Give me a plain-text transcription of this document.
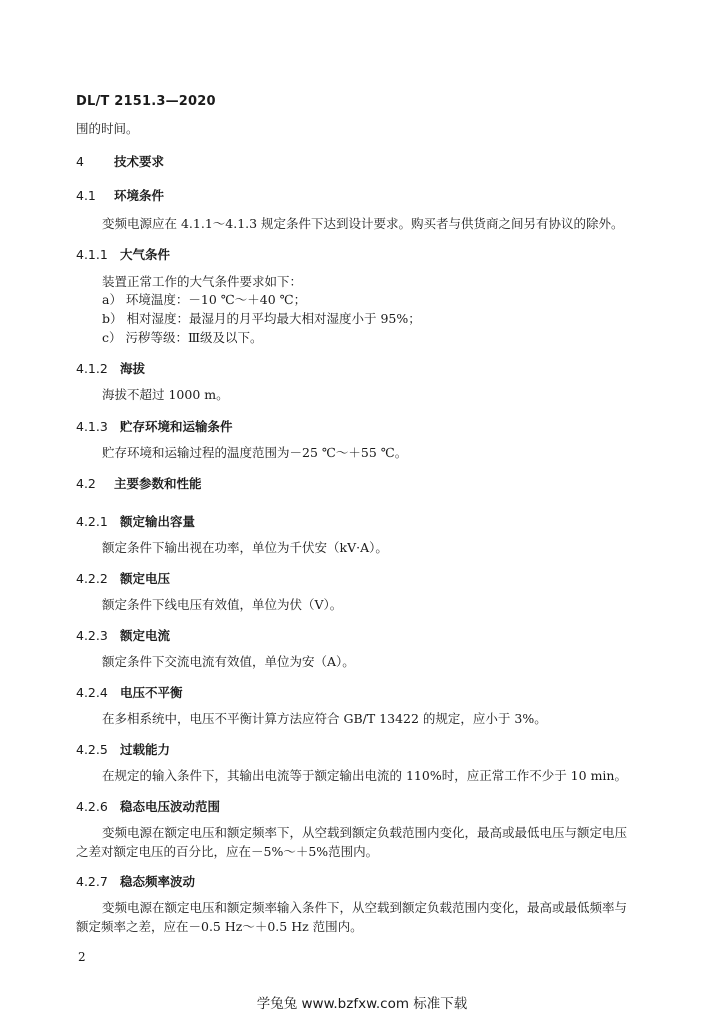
DL/T 2151.3—2020
围的时间。
4 技术要求
4.1 环境条件
变频电源应在 4.1.1～4.1.3 规定条件下达到设计要求。购买者与供货商之间另有协议的除外。
4.1.1 大气条件
装置正常工作的大气条件要求如下：
a） 环境温度：－10 ℃～＋40 ℃；
b） 相对湿度：最湿月的月平均最大相对湿度小于 95%；
c） 污秽等级：Ⅲ级及以下。
4.1.2 海拔
海拔不超过 1000 m。
4.1.3 贮存环境和运输条件
贮存环境和运输过程的温度范围为－25 ℃～＋55 ℃。
4.2 主要参数和性能
4.2.1 额定输出容量
额定条件下输出视在功率，单位为千伏安（kV·A）。
4.2.2 额定电压
额定条件下线电压有效值，单位为伏（V）。
4.2.3 额定电流
额定条件下交流电流有效值，单位为安（A）。
4.2.4 电压不平衡
在多相系统中，电压不平衡计算方法应符合 GB/T 13422 的规定，应小于 3%。
4.2.5 过载能力
在规定的输入条件下，其输出电流等于额定输出电流的 110%时，应正常工作不少于 10 min。
4.2.6 稳态电压波动范围
变频电源在额定电压和额定频率下，从空载到额定负载范围内变化，最高或最低电压与额定电压
之差对额定电压的百分比，应在－5%～＋5%范围内。
4.2.7 稳态频率波动
变频电源在额定电压和额定频率输入条件下，从空载到额定负载范围内变化，最高或最低频率与
额定频率之差，应在－0.5 Hz～＋0.5 Hz 范围内。
2
学兔兔 www.bzfxw.com 标准下载
